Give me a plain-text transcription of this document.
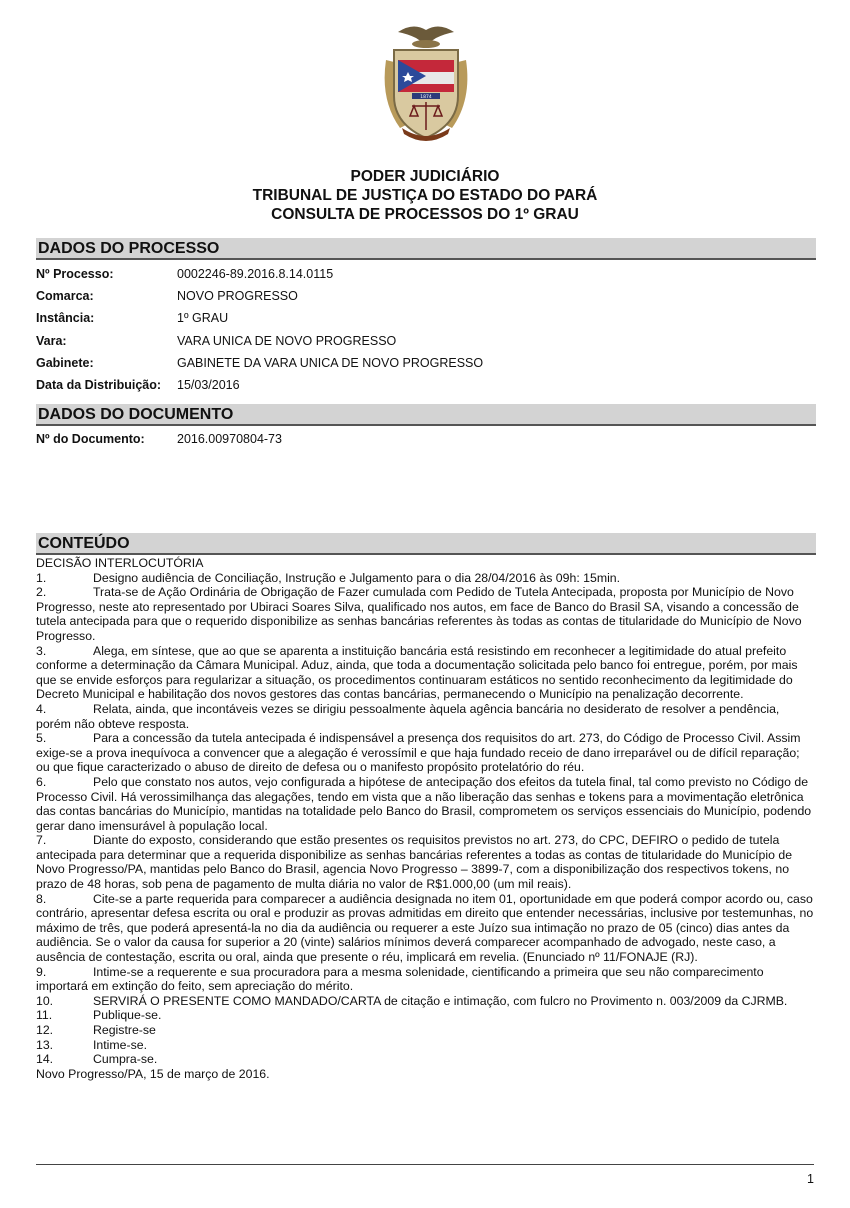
1874
PODER JUDICIÁRIO
TRIBUNAL DE JUSTIÇA DO ESTADO DO PARÁ
CONSULTA DE PROCESSOS DO 1º GRAU
DADOS DO PROCESSO
Nº Processo:	0002246-89.2016.8.14.0115
Comarca:	NOVO PROGRESSO
Instância:	1º GRAU
Vara:	VARA UNICA DE NOVO PROGRESSO
Gabinete:	GABINETE DA VARA UNICA DE NOVO PROGRESSO
Data da Distribuição: 15/03/2016
DADOS DO DOCUMENTO
Nº do Documento:	2016.00970804-73
CONTEÚDO

DECISÃO INTERLOCUTÓRIA

1.	Designo audiência de Conciliação, Instrução e Julgamento para o dia 28/04/2016 às 09h: 15min.

2.	Trata-se de Ação Ordinária de Obrigação de Fazer cumulada com Pedido de Tutela Antecipada, proposta por Município de Novo Progresso, neste ato representado por Ubiraci Soares Silva, qualificado nos autos, em face de Banco do Brasil SA, visando a concessão de tutela antecipada para que o requerido disponibilize as senhas bancárias referentes às todas as contas de titularidade do Município de Novo Progresso.

3.	Alega, em síntese, que ao que se aparenta a instituição bancária está resistindo em reconhecer a legitimidade do atual prefeito conforme a determinação da Câmara Municipal. Aduz, ainda, que toda a documentação solicitada pelo banco foi entregue, porém, por mais que se envide esforços para regularizar a situação, os procedimentos continuaram estáticos no sentido reconhecimento da legitimidade do Decreto Municipal e habilitação dos novos gestores das contas bancárias, permanecendo o Município na penalização decorrente.

4.	Relata, ainda, que incontáveis vezes se dirigiu pessoalmente àquela agência bancária no desiderato de resolver a pendência, porém não obteve resposta.

5.	Para a concessão da tutela antecipada é indispensável a presença dos requisitos do art. 273, do Código de Processo Civil. Assim exige-se a prova inequívoca a convencer que a alegação é verossímil e que haja fundado receio de dano irreparável ou de difícil reparação; ou que fique caracterizado o abuso de direito de defesa ou o manifesto propósito protelatório do réu.

6.	Pelo que constato nos autos, vejo configurada a hipótese de antecipação dos efeitos da tutela final, tal como previsto no Código de Processo Civil. Há verossimilhança das alegações, tendo em vista que a não liberação das senhas e tokens para a movimentação eletrônica das contas bancárias do Município, mantidas na totalidade pelo Banco do Brasil, comprometem os serviços essenciais do Município, podendo gerar dano imensurável à população local.

7.	Diante do exposto, considerando que estão presentes os requisitos previstos no art. 273, do CPC, DEFIRO o pedido de tutela antecipada para determinar que a requerida disponibilize as senhas bancárias referentes a todas as contas de titularidade do Município de Novo Progresso/PA, mantidas pelo Banco do Brasil, agencia Novo Progresso – 3899-7, com a disponibilização dos respectivos tokens, no prazo de 48 horas, sob pena de pagamento de multa diária no valor de R$1.000,00 (um mil reais).

8.	Cite-se a parte requerida para comparecer a audiência designada no item 01, oportunidade em que poderá compor acordo ou, caso contrário, apresentar defesa escrita ou oral e produzir as provas admitidas em direito que entender necessárias, inclusive por testemunhas, no máximo de três, que poderá apresentá-la no dia da audiência ou requerer a este Juízo sua intimação no prazo de 05 (cinco) dias antes da audiência. Se o valor da causa for superior a 20 (vinte) salários mínimos deverá comparecer acompanhado de advogado, neste caso, a ausência de contestação, escrita ou oral, ainda que presente o réu, implicará em revelia. (Enunciado nº 11/FONAJE (RJ).

9.	Intime-se a requerente e sua procuradora para a mesma solenidade, cientificando a primeira que seu não comparecimento importará em extinção do feito, sem apreciação do mérito.

10.	SERVIRÁ O PRESENTE COMO MANDADO/CARTA de citação e intimação, com fulcro no Provimento n. 003/2009 da CJRMB.

11.	Publique-se.

12.	Registre-se

13.	Intime-se.

14.	Cumpra-se.

Novo Progresso/PA, 15 de março de 2016.

1
